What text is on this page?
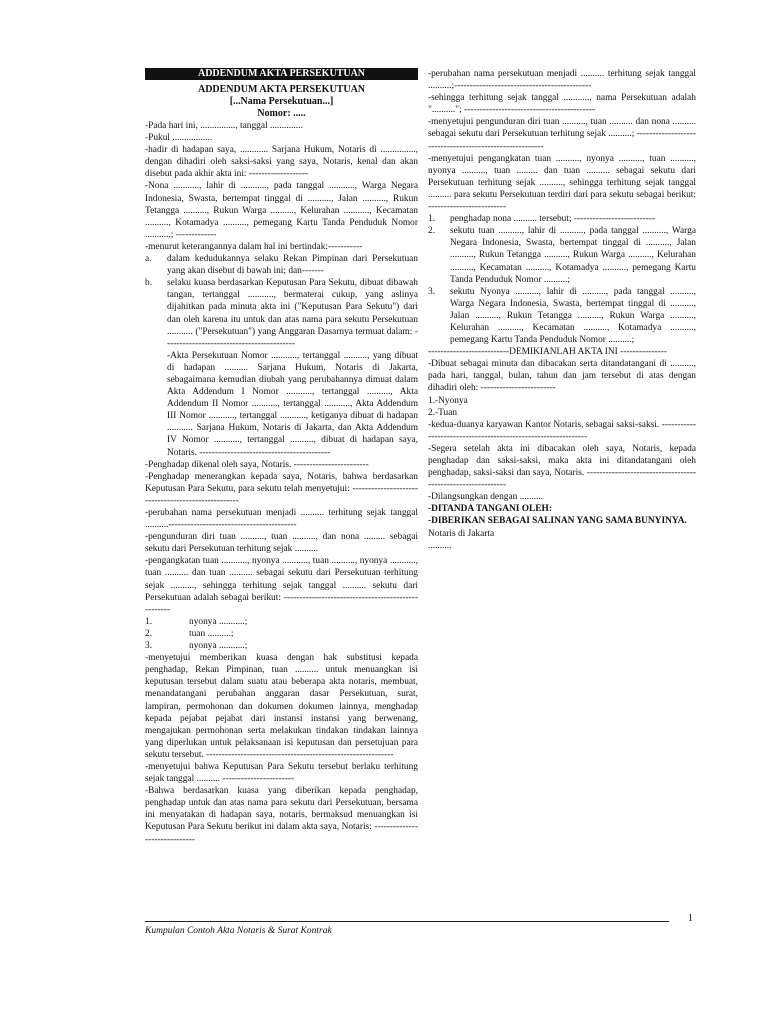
ADDENDUM AKTA PERSEKUTUAN

ADDENDUM AKTA PERSEKUTUAN

[...Nama Persekutuan...]

Nomor: .....

-Pada hari ini, ..............., tanggal ..............

-Pukul .................

-hadir di hadapan saya, ............ Sarjana Hukum, Notaris di ..............., dengan dihadiri oleh saksi-saksi yang saya, Notaris, kenal dan akan disebut pada akhir akta ini: -------------------

-Nona ..........., lahir di ..........., pada tanggal ..........., Warga Negara Indonesia, Swasta, bertempat tinggal di .........., Jalan .........., Rukun Tetangga .........., Rukun Warga .........., Kelurahan ..........., Kecamatan .........., Kotamadya .........., pemegang Kartu Tanda Penduduk Nomor ...........; -------------

-menurut keterangannya dalam hal ini bertindak:-----------

a.	dalam kedudukannya selaku Rekan Pimpinan dari Persekutuan yang akan disebut di bawah ini; dan-------
b.	selaku kuasa berdasarkan Keputusan Para Sekutu, dibuat dibawah tangan, tertanggal ..........., bermaterai cukup, yang aslinya dijahitkan pada minuta akta ini ("Keputusan Para Sekutu") dari dan oleh karena itu untuk dan atas nama para sekutu Persekutuan ........... ("Persekutuan") yang Anggaran Dasarnya termuat dalam: ------------------------------------------

-Akta Persekutuan Nomor ..........., tertanggal .........., yang dibuat di hadapan .......... Sarjana Hukum, Notaris di Jakarta, sebagaimana kemudian diubah yang perubahannya dimuat dalam Akta Addendum I Nomor ..........., tertanggal .........., Akta Addendum II Nomor ..........., tertanggal ..........., Akta Addendum III Nomor ..........., tertanggal ..........., ketiganya dibuat di hadapan ........... Sarjana Hukum, Notaris di Jakarta, dan Akta Addendum IV Nomor ..........., tertanggal .........., dibuat di hadapan saya, Notaris. ------------------------------------------

-Penghadap dikenal oleh saya, Notaris. ------------------------

-Penghadap menerangkan kepada saya, Notaris, bahwa berdasarkan Keputusan Para Sekutu, para sekutu telah menyetujui: ---------------------------------------------------

-perubahan nama persekutuan menjadi .......... terhitung sejak tanggal ..........-----------------------------------------

-pengunduran diri tuan .........., tuan .........., dan nona ......... sebagai sekutu dari Persekutuan terhitung sejak ..........

-pengangkatan tuan ..........., nyonya ..........., tuan .........., nyonya ..........., tuan .......... dan tuan .......... sebagai sekutu dari Persekutuan terhitung sejak .........., sehingga terhitung sejak tanggal .......... sekutu dari Persekutuan adalah sebagai berikut: ---------------------------------------------------

1.	nyonya ...........;
2.	tuan ..........;
3.	nyonya ...........;

-menyetujui memberikan kuasa dengan hak substitusi kepada penghadap, Rekan Pimpinan, tuan .......... untuk menuangkan isi keputusan tersebut dalam suatu atau beberapa akta notaris, membuat, menandatangani perubahan anggaran dasar Persekutuan, surat, lampiran, permohonan dan dokumen dokumen lainnya, menghadap kepada pejabat pejabat dari instansi instansi yang berwenang, mengajukan permohonan serta melakukan tindakan tindakan lainnya yang diperlukan untuk pelaksanaan isi keputusan dan persetujuan para sekutu tersebut. ------------------------------------------------------------

-menyetujui bahwa Keputusan Para Sekutu tersebut berlaku terhitung sejak tanggal .......... -----------------------

-Bahwa berdasarkan kuasa yang diberikan kepada penghadap, penghadap untuk dan atas nama para sekutu dari Persekutuan, bersama ini menyatakan di hadapan saya, notaris, bermaksud menuangkan isi Keputusan Para Sekutu berikut ini dalam akta saya, Notaris: ------------------------------

-perubahan nama persekutuan menjadi .......... terhitung sejak tanggal ..........;--------------------------------------------

-sehingga terhitung sejak tanggal ..........., nama Persekutuan adalah ".........."; ------------------------------------------

-menyetujui pengunduran diri tuan .........., tuan .......... dan nona .......... sebagai sekutu dari Persekutuan terhitung sejak ..........; --------------------------------------------------------

-menyetujui pengangkatan tuan .........., nyonya .........., tuan .........., nyonya .........., tuan ......... dan tuan .......... sebagai sekutu dari Persekutuan terhitung sejak .........., sehingga terhitung sejak tanggal .......... para sekutu Persekutuan terdiri dari para sekutu sebagai berikut: -------------------------

1.	penghadap nona .......... tersebut; --------------------------
2.	sekutu tuan .........., lahir di .........., pada tanggal .........., Warga Negara Indonesia, Swasta, bertempat tinggal di .........., Jalan .........., Rukun Tetangga .........., Rukun Warga .........., Kelurahan .........., Kecamatan .........., Kotamadya .........., pemegang Kartu Tanda Penduduk Nomor ..........;
3.	sekutu Nyonya .........., lahir di .........., pada tanggal .........., Warga Negara Indonesia, Swasta, bertempat tinggal di .........., Jalan .........., Rukun Tetangga .........., Rukun Warga .........., Kelurahan .........., Kecamatan .........., Kotamadya .........., pemegang Kartu Tanda Penduduk Nomor ..........;

--------------------------DEMIKIANLAH AKTA INI ---------------

-Dibuat sebagai minuta dan dibacakan serta ditandatangani di .........., pada hari, tanggal, bulan, tahun dan jam tersebut di atas dengan dihadiri oleh: ------------------------

1.-Nyonya

2.-Tuan

-kedua-duanya karyawan Kantor Notaris, sebagai saksi-saksi. --------------------------------------------------------------

-Segera setelah akta ini dibacakan oleh saya, Notaris, kepada penghadap dan saksi-saksi, maka akta ini ditandatangani oleh penghadap, saksi-saksi dan saya, Notaris. ------------------------------------------------------------

-Dilangsungkan dengan ..........

-DITANDA TANGANI OLEH:

-DIBERIKAN SEBAGAI SALINAN YANG SAMA BUNYINYA.

Notaris di Jakarta

..........

1
Kumpulan Contoh Akta Notaris & Surat Kontrak
